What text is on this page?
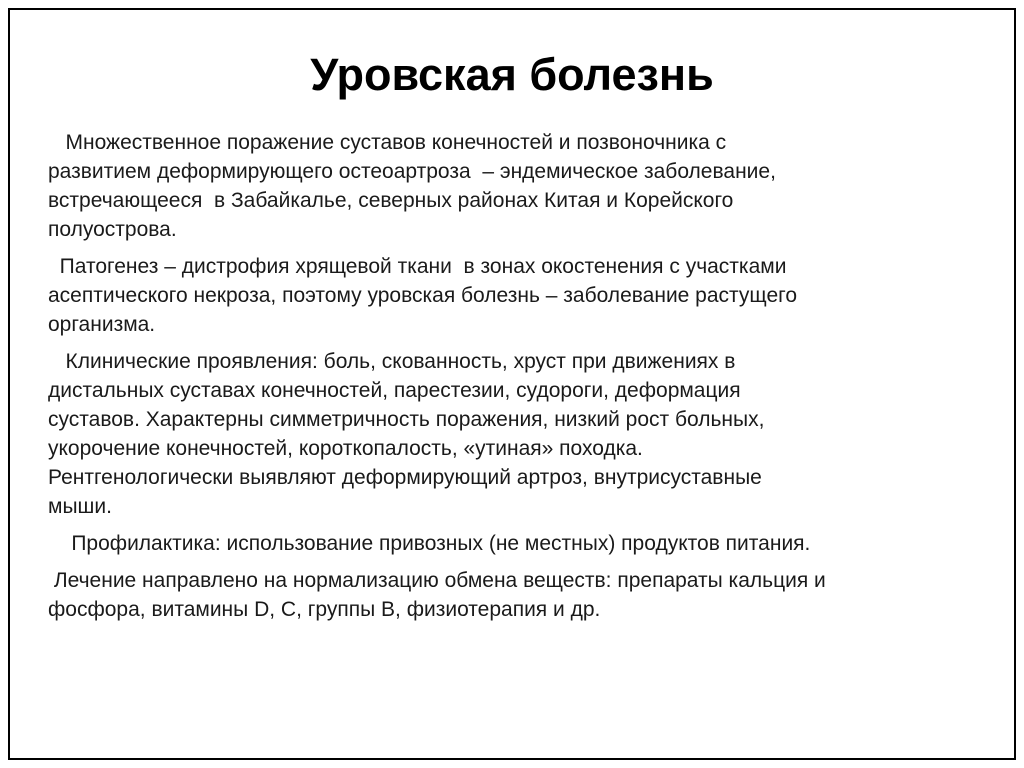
Уровская болезнь

Множественное поражение суставов конечностей и позвоночника с
развитием деформирующего остеоартроза  – эндемическое заболевание,
встречающееся  в Забайкалье, северных районах Китая и Корейского
полуострова.

Патогенез – дистрофия хрящевой ткани  в зонах окостенения с участками
асептического некроза, поэтому уровская болезнь – заболевание растущего
организма.

Клинические проявления: боль, скованность, хруст при движениях в
дистальных суставах конечностей, парестезии, судороги, деформация
суставов. Характерны симметричность поражения, низкий рост больных,
укорочение конечностей, короткопалость, «утиная» походка.
Рентгенологически выявляют деформирующий артроз, внутрисуставные
мыши.

Профилактика: использование привозных (не местных) продуктов питания.

Лечение направлено на нормализацию обмена веществ: препараты кальция и
фосфора, витамины D, C, группы B, физиотерапия и др.
